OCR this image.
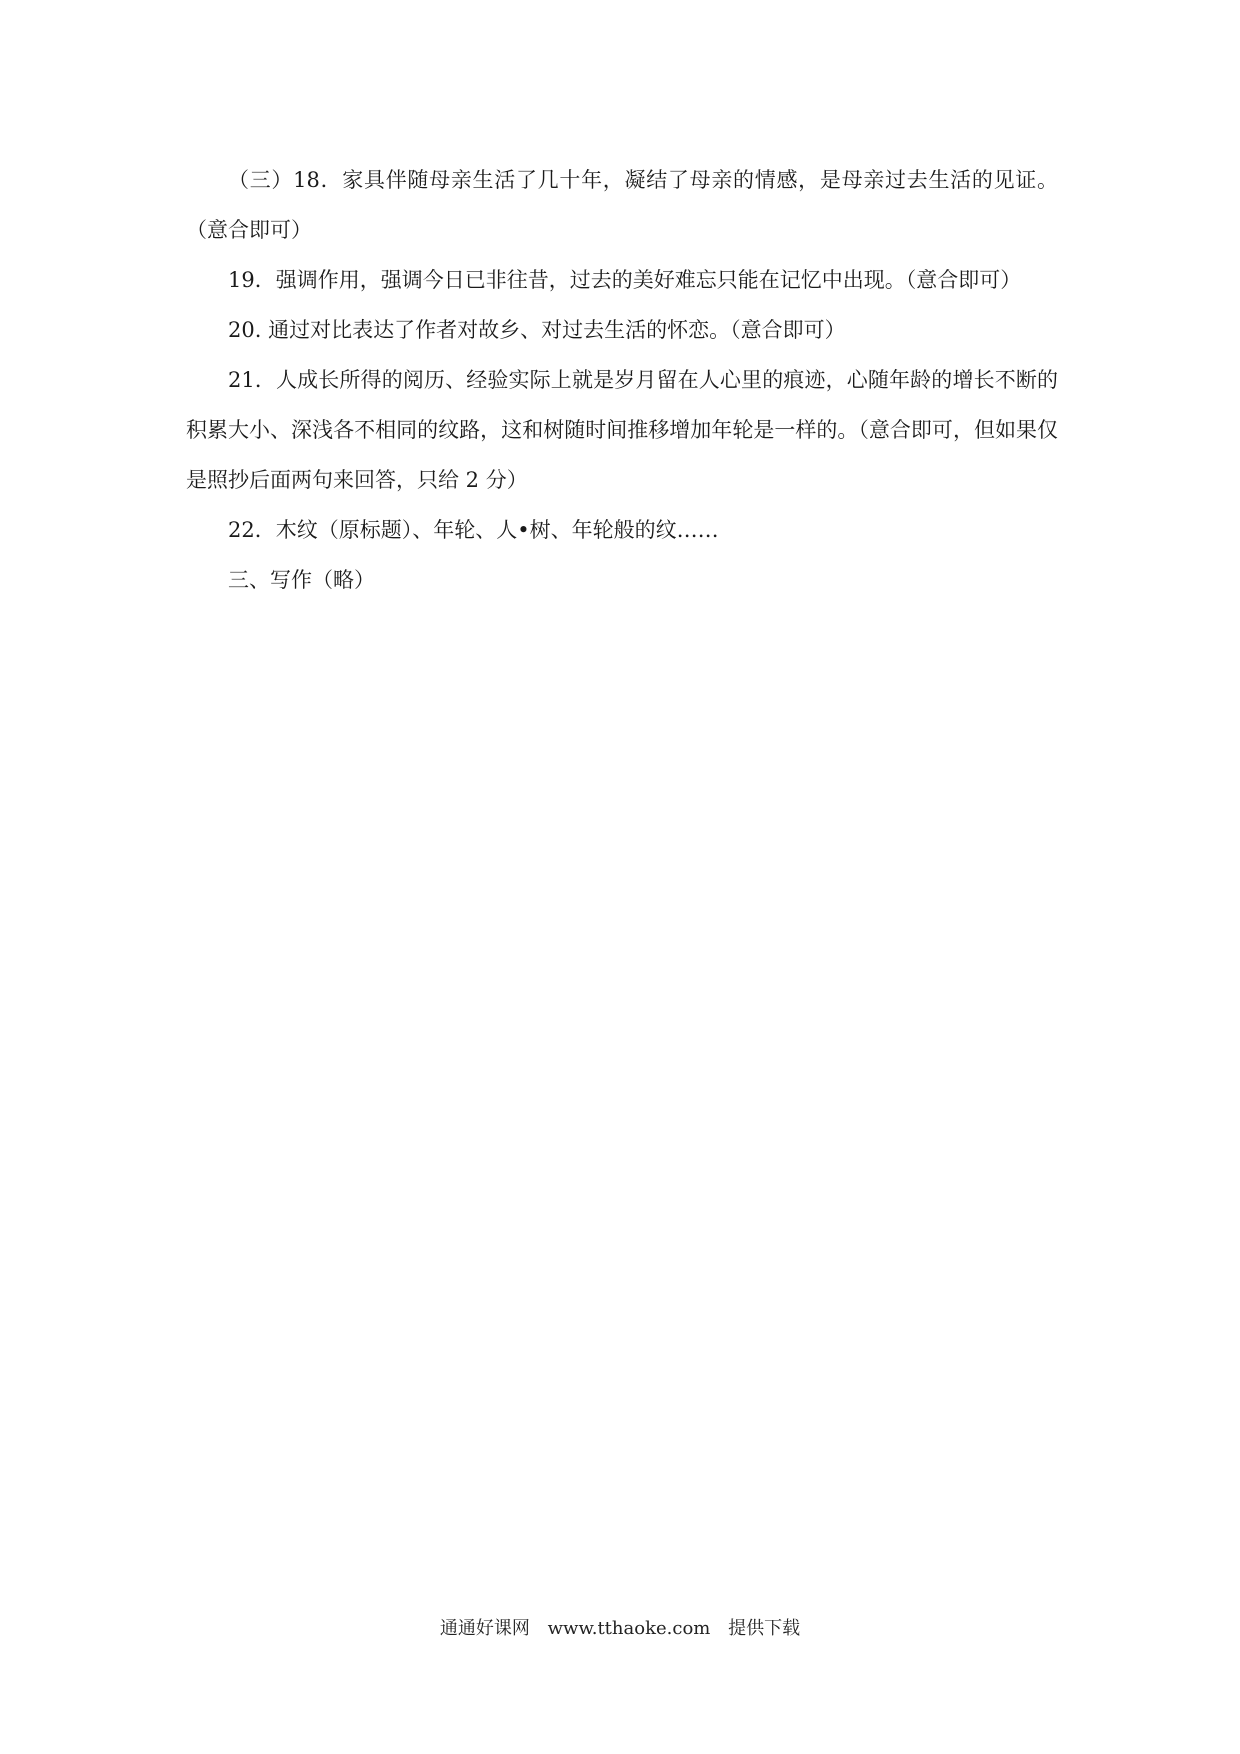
（三）18．家具伴随母亲生活了几十年，凝结了母亲的情感，是母亲过去生活的见证。（意合即可）

19．强调作用，强调今日已非往昔，过去的美好难忘只能在记忆中出现。（意合即可）

20. 通过对比表达了作者对故乡、对过去生活的怀恋。（意合即可）

21．人成长所得的阅历、经验实际上就是岁月留在人心里的痕迹，心随年龄的增长不断的积累大小、深浅各不相同的纹路，这和树随时间推移增加年轮是一样的。（意合即可，但如果仅是照抄后面两句来回答，只给 2 分）

22．木纹（原标题）、年轮、人•树、年轮般的纹……

三、写作（略）

通通好课网 www.tthaoke.com 提供下载
